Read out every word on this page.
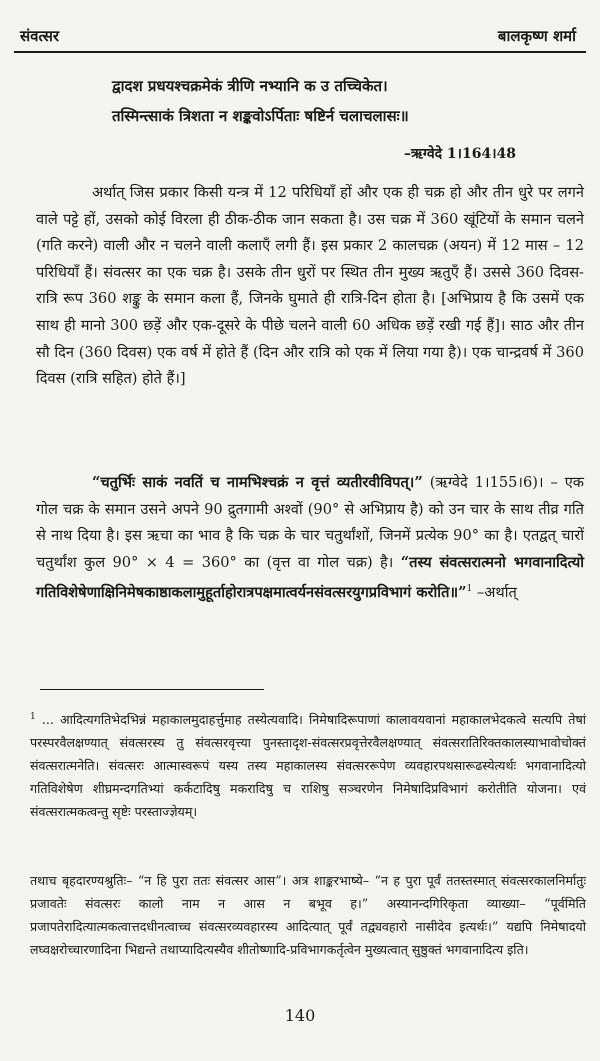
संवत्सर	बालकृष्ण शर्मा
द्वादश प्रधयश्चक्रमेकं त्रीणि नभ्यानि क उ तच्चिकेत।
तस्मिन्त्साकं त्रिशता न शङ्कवोऽर्पिताः षष्टिर्न चलाचलासः॥
–ऋग्वेदे 1।164।48
अर्थात् जिस प्रकार किसी यन्त्र में 12 परिधियाँ हों और एक ही चक्र हो और तीन धुरे पर लगने वाले पट्टे हों, उसको कोई विरला ही ठीक-ठीक जान सकता है। उस चक्र में 360 खूंटियों के समान चलने (गति करने) वाली और न चलने वाली कलाएँ लगी हैं। इस प्रकार 2 कालचक्र (अयन) में 12 मास – 12 परिधियाँ हैं। संवत्सर का एक चक्र है। उसके तीन धुरों पर स्थित तीन मुख्य ऋतुएँ हैं। उससे 360 दिवस-रात्रि रूप 360 शङ्कु के समान कला हैं, जिनके घुमाते ही रात्रि-दिन होता है। [अभिप्राय है कि उसमें एक साथ ही मानो 300 छड़ें और एक-दूसरे के पीछे चलने वाली 60 अधिक छड़ें रखी गई हैं]। साठ और तीन सौ दिन (360 दिवस) एक वर्ष में होते हैं (दिन और रात्रि को एक में लिया गया है)। एक चान्द्रवर्ष में 360 दिवस (रात्रि सहित) होते हैं।]
“चतुर्भिः साकं नवतिं च नामभिश्चक्रं न वृत्तं व्यतीरवीविपत्।” (ऋग्वेदे 1।155।6)। – एक गोल चक्र के समान उसने अपने 90 द्रुतगामी अश्वों (90° से अभिप्राय है) को उन चार के साथ तीव्र गति से नाथ दिया है। इस ऋचा का भाव है कि चक्र के चार चतुर्थांशों, जिनमें प्रत्येक 90° का है। एतद्वत् चारों चतुर्थांश कुल 90° × 4 = 360° का (वृत्त वा गोल चक्र) है। “तस्य संवत्सरात्मनो भगवानादित्यो गतिविशेषेणाक्षिनिमेषकाष्ठाकलामुहूर्ताहोरात्रपक्षमात्वर्यनसंवत्सरयुगप्रविभागं करोति॥”$^1$ –अर्थात्
$^1$ ... आदित्यगतिभेदभिन्नं महाकालमुदाहर्त्तुमाह तस्येत्यवादि। निमेषादिरूपाणां कालावयवानां महाकालभेदकत्वे सत्यपि तेषां परस्परवैलक्षण्यात् संवत्सरस्य तु संवत्सरवृत्त्या पुनस्तादृश-संवत्सरप्रवृत्तेरवैलक्षण्यात् संवत्सरातिरिक्तकालस्याभावोचोक्तं संवत्सरात्मनेति। संवत्सरः आत्मास्वरूपं यस्य तस्य महाकालस्य संवत्सररूपेण व्यवहारपथसारूढस्येत्यर्थः भगवानादित्यो गतिविशेषेण शीघ्रमन्दगतिभ्यां कर्कटादिषु मकरादिषु च राशिषु सञ्चरणेन निमेषादिप्रविभागं करोतीति योजना। एवं संवत्सरात्मकत्वन्तु सृष्टेः परस्ताज्ज्ञेयम्।
तथाच बृहदारण्यश्रुतिः– “न हि पुरा ततः संवत्सर आस”। अत्र शाङ्करभाष्ये– “न ह पुरा पूर्वं ततस्तस्मात् संवत्सरकालनिर्मातुः प्रजावतेः संवत्सरः कालो नाम न आस न बभूव ह।” अस्यानन्दगिरिकृता व्याख्या– “पूर्वमिति प्रजापतेरादित्यात्मकत्वात्तदधीनत्वाच्च संवत्सरव्यवहारस्य आदित्यात् पूर्वं तद्व्यवहारो नासीदेव इत्यर्थः।” यद्यपि निमेषादयो लघ्वक्षरोच्चारणादिना भिद्यन्ते तथाप्यादित्यस्यैव शीतोष्णादि-प्रविभागकर्तृत्वेन मुख्यत्वात् सुष्ठुक्तं भगवानादित्य इति।
140
